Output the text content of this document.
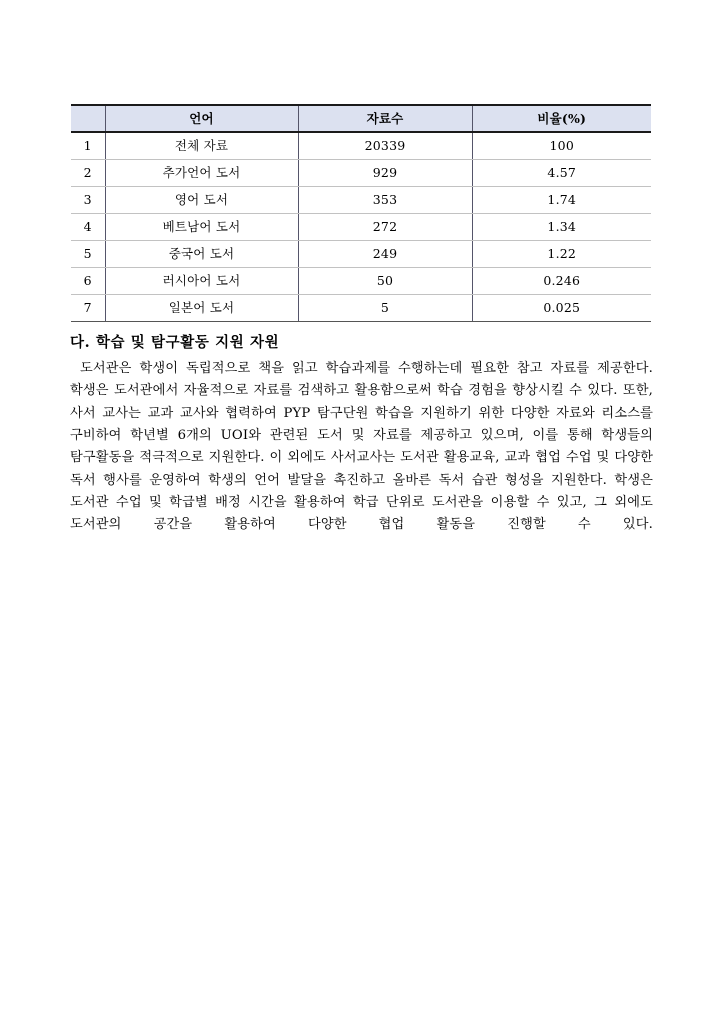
	언어	자료수	비율(%)
1	전체 자료	20339	100
2	추가언어 도서	929	4.57
3	영어 도서	353	1.74
4	베트남어 도서	272	1.34
5	중국어 도서	249	1.22
6	러시아어 도서	50	0.246
7	일본어 도서	5	0.025
다. 학습 및 탐구활동 지원 자원
도서관은 학생이 독립적으로 책을 읽고 학습과제를 수행하는데 필요한 참고 자료를 제공한다. 학생은 도서관에서 자율적으로 자료를 검색하고 활용함으로써 학습 경험을 향상시킬 수 있다. 또한, 사서 교사는 교과 교사와 협력하여 PYP 탐구단원 학습을 지원하기 위한 다양한 자료와 리소스를 구비하여 학년별 6개의 UOI와 관련된 도서 및 자료를 제공하고 있으며, 이를 통해 학생들의 탐구활동을 적극적으로 지원한다. 이 외에도 사서교사는 도서관 활용교육, 교과 협업 수업 및 다양한 독서 행사를 운영하여 학생의 언어 발달을 촉진하고 올바른 독서 습관 형성을 지원한다. 학생은 도서관 수업 및 학급별 배정 시간을 활용하여 학급 단위로 도서관을 이용할 수 있고, 그 외에도 도서관의 공간을 활용하여 다양한 협업 활동을 진행할 수 있다.
